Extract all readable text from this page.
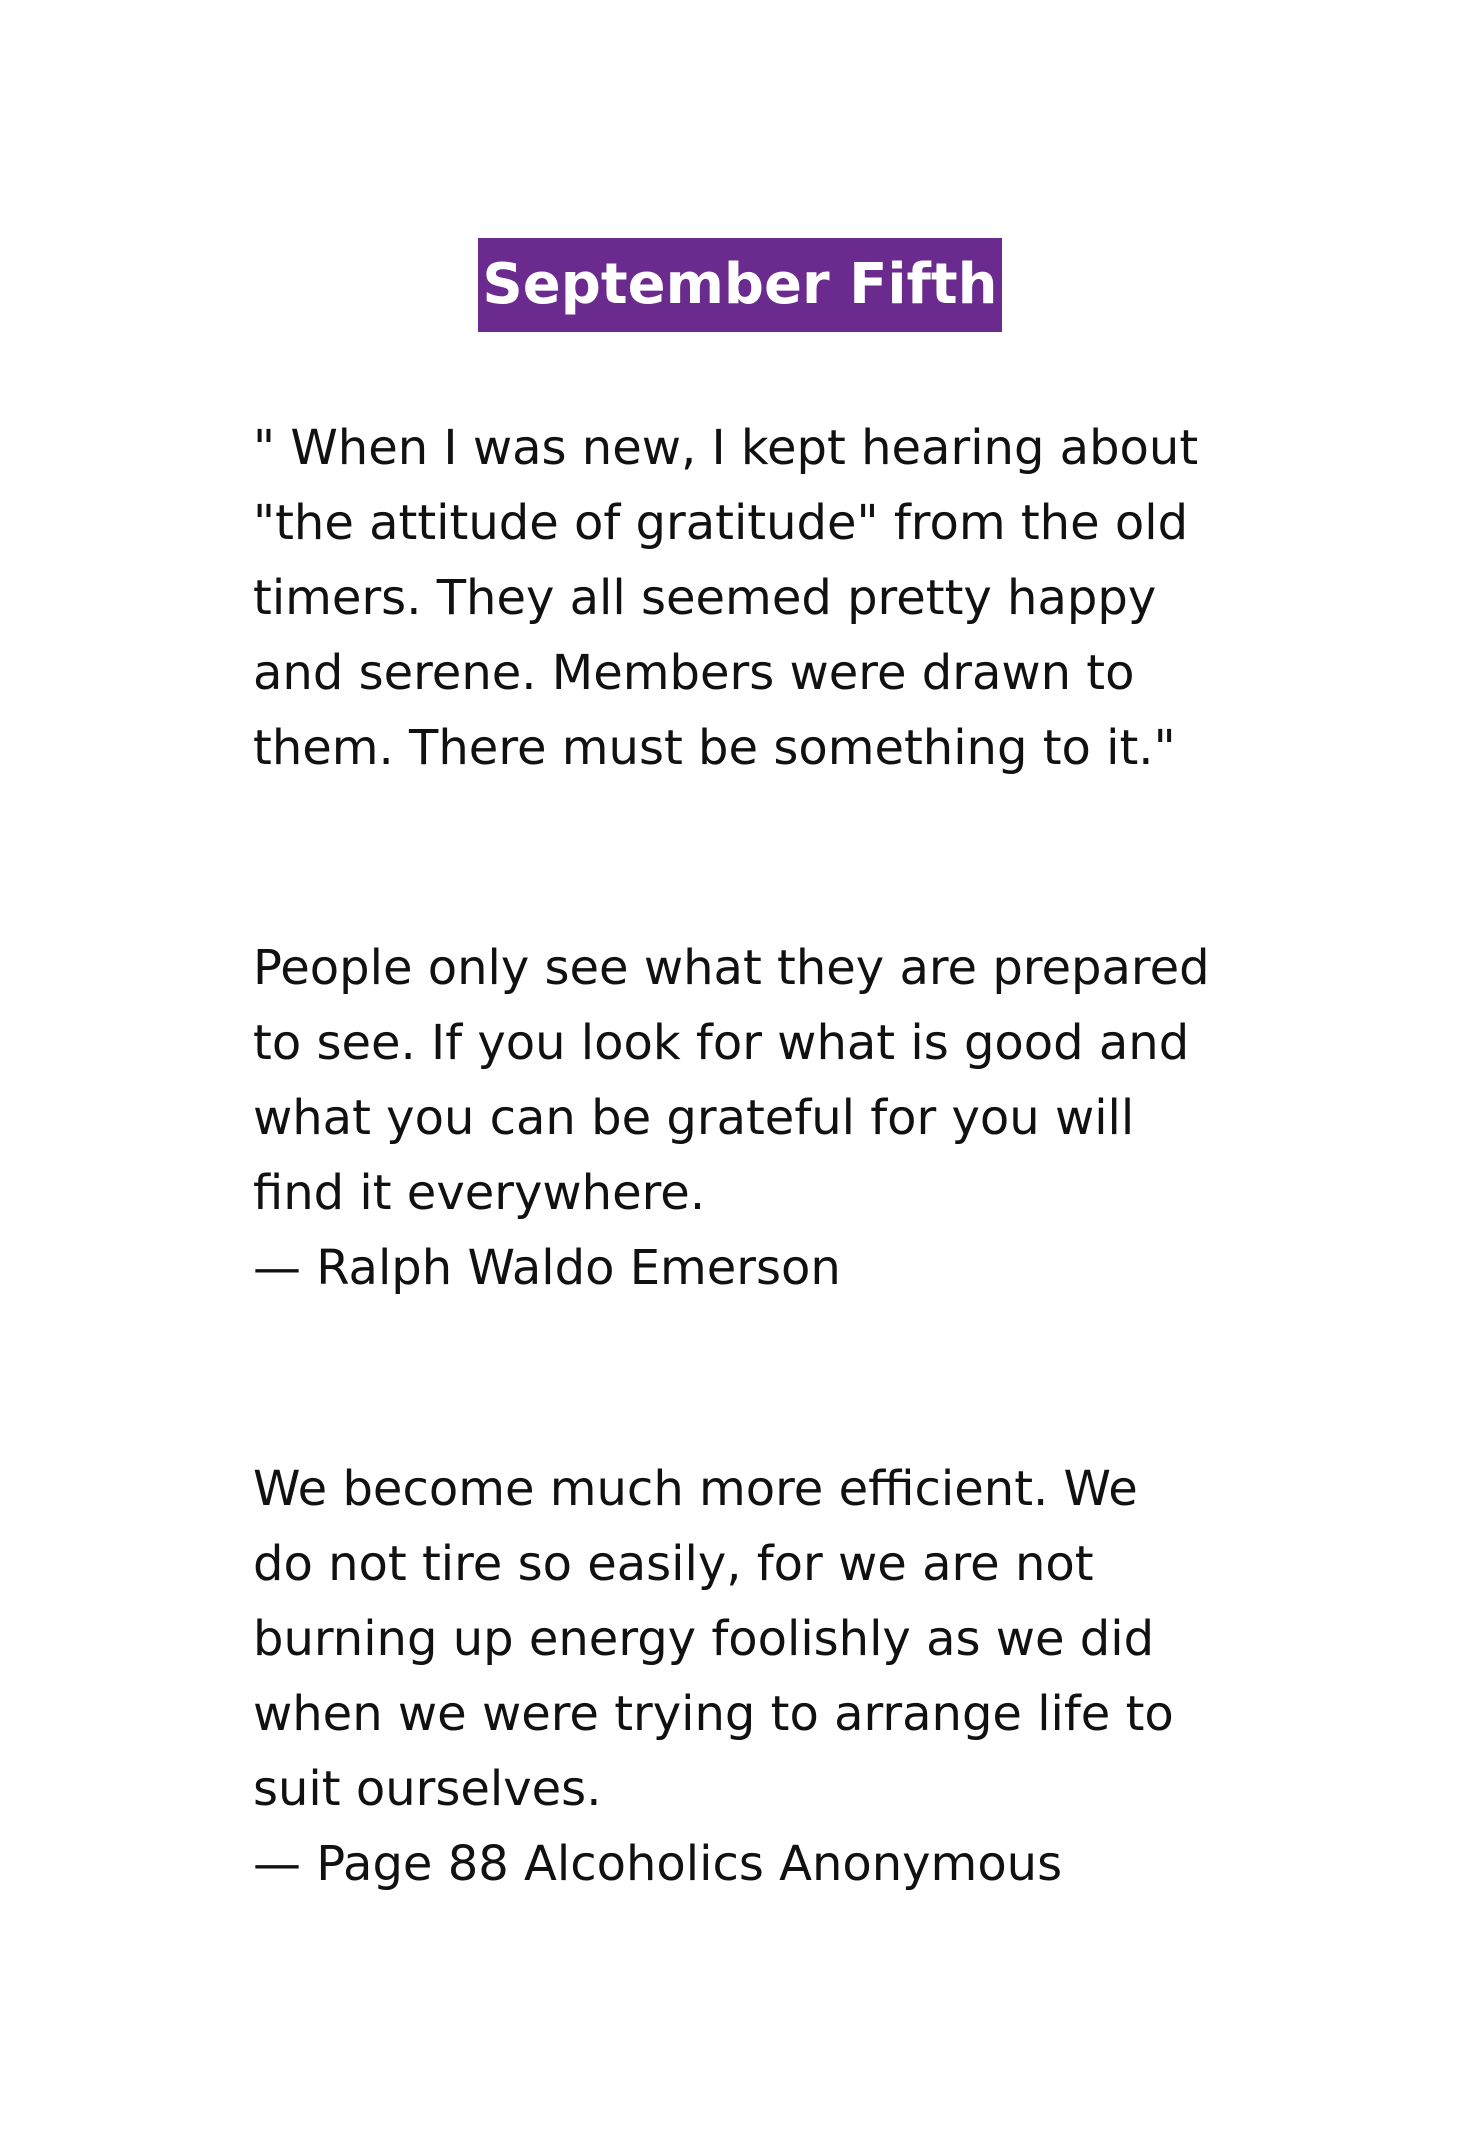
September Fifth

" When I was new, I kept hearing about
"the attitude of gratitude" from the old
timers. They all seemed pretty happy
and serene. Members were drawn to
them. There must be something to it."

People only see what they are prepared
to see. If you look for what is good and
what you can be grateful for you will
find it everywhere.

— Ralph Waldo Emerson

We become much more efficient. We
do not tire so easily, for we are not
burning up energy foolishly as we did
when we were trying to arrange life to
suit ourselves.

— Page 88 Alcoholics Anonymous
